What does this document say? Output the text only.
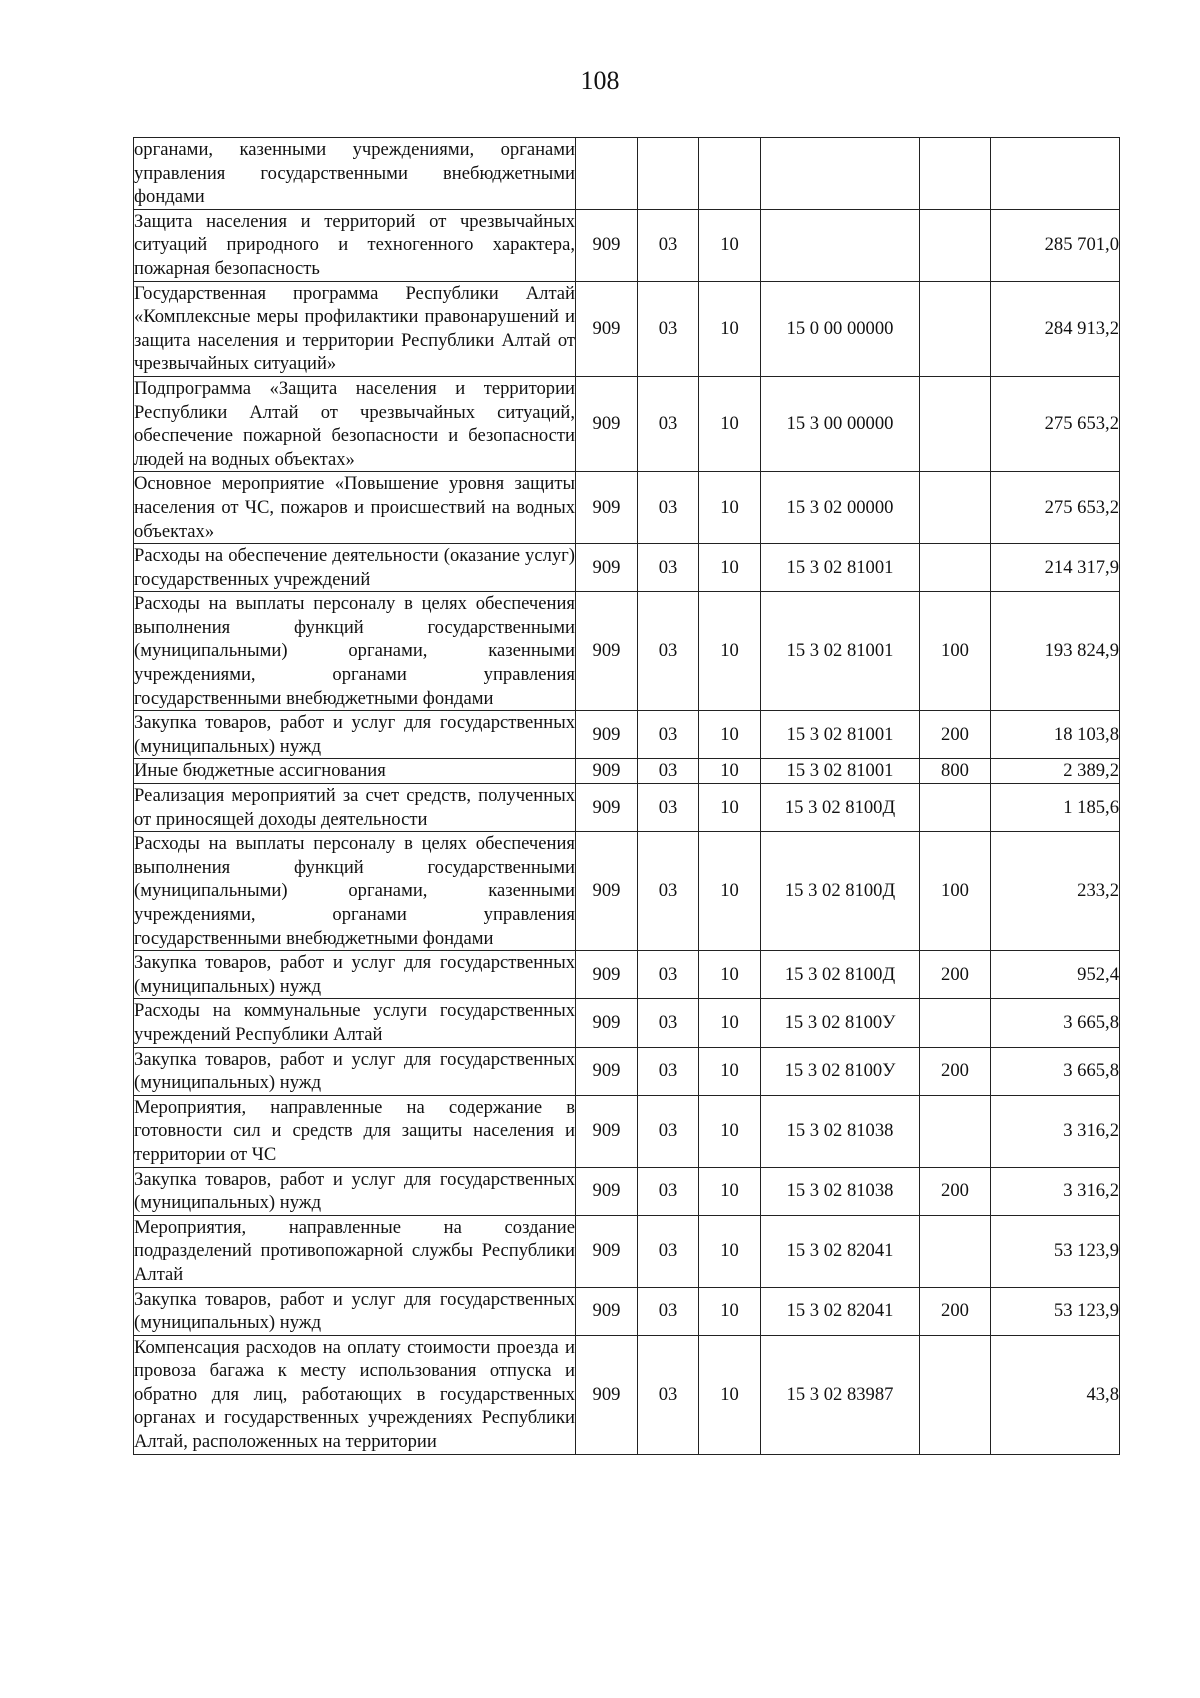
108
органами, казенными учреждениями, органами управления государственными внебюджетными фондами						
Защита населения и территорий от чрезвычайных ситуаций природного и техногенного характера, пожарная безопасность	909	03	10			285 701,0
Государственная программа Республики Алтай «Комплексные меры профилактики правонарушений и защита населения и территории Республики Алтай от чрезвычайных ситуаций»	909	03	10	15 0 00 00000		284 913,2
Подпрограмма «Защита населения и территории Республики Алтай от чрезвычайных ситуаций, обеспечение пожарной безопасности и безопасности людей на водных объектах»	909	03	10	15 3 00 00000		275 653,2
Основное мероприятие «Повышение уровня защиты населения от ЧС, пожаров и происшествий на водных объектах»	909	03	10	15 3 02 00000		275 653,2
Расходы на обеспечение деятельности (оказание услуг) государственных учреждений	909	03	10	15 3 02 81001		214 317,9
Расходы на выплаты персоналу в целях обеспечения выполнения функций государственными (муниципальными) органами, казенными учреждениями, органами управления государственными внебюджетными фондами	909	03	10	15 3 02 81001	100	193 824,9
Закупка товаров, работ и услуг для государственных (муниципальных) нужд	909	03	10	15 3 02 81001	200	18 103,8
Иные бюджетные ассигнования	909	03	10	15 3 02 81001	800	2 389,2
Реализация мероприятий за счет средств, полученных от приносящей доходы деятельности	909	03	10	15 3 02 8100Д		1 185,6
Расходы на выплаты персоналу в целях обеспечения выполнения функций государственными (муниципальными) органами, казенными учреждениями, органами управления государственными внебюджетными фондами	909	03	10	15 3 02 8100Д	100	233,2
Закупка товаров, работ и услуг для государственных (муниципальных) нужд	909	03	10	15 3 02 8100Д	200	952,4
Расходы на коммунальные услуги государственных учреждений Республики Алтай	909	03	10	15 3 02 8100У		3 665,8
Закупка товаров, работ и услуг для государственных (муниципальных) нужд	909	03	10	15 3 02 8100У	200	3 665,8
Мероприятия, направленные на содержание в готовности сил и средств для защиты населения и территории от ЧС	909	03	10	15 3 02 81038		3 316,2
Закупка товаров, работ и услуг для государственных (муниципальных) нужд	909	03	10	15 3 02 81038	200	3 316,2
Мероприятия, направленные на создание подразделений противопожарной службы Республики Алтай	909	03	10	15 3 02 82041		53 123,9
Закупка товаров, работ и услуг для государственных (муниципальных) нужд	909	03	10	15 3 02 82041	200	53 123,9
Компенсация расходов на оплату стоимости проезда и провоза багажа к месту использования отпуска и обратно для лиц, работающих в государственных органах и государственных учреждениях Республики Алтай, расположенных на территории	909	03	10	15 3 02 83987		43,8
